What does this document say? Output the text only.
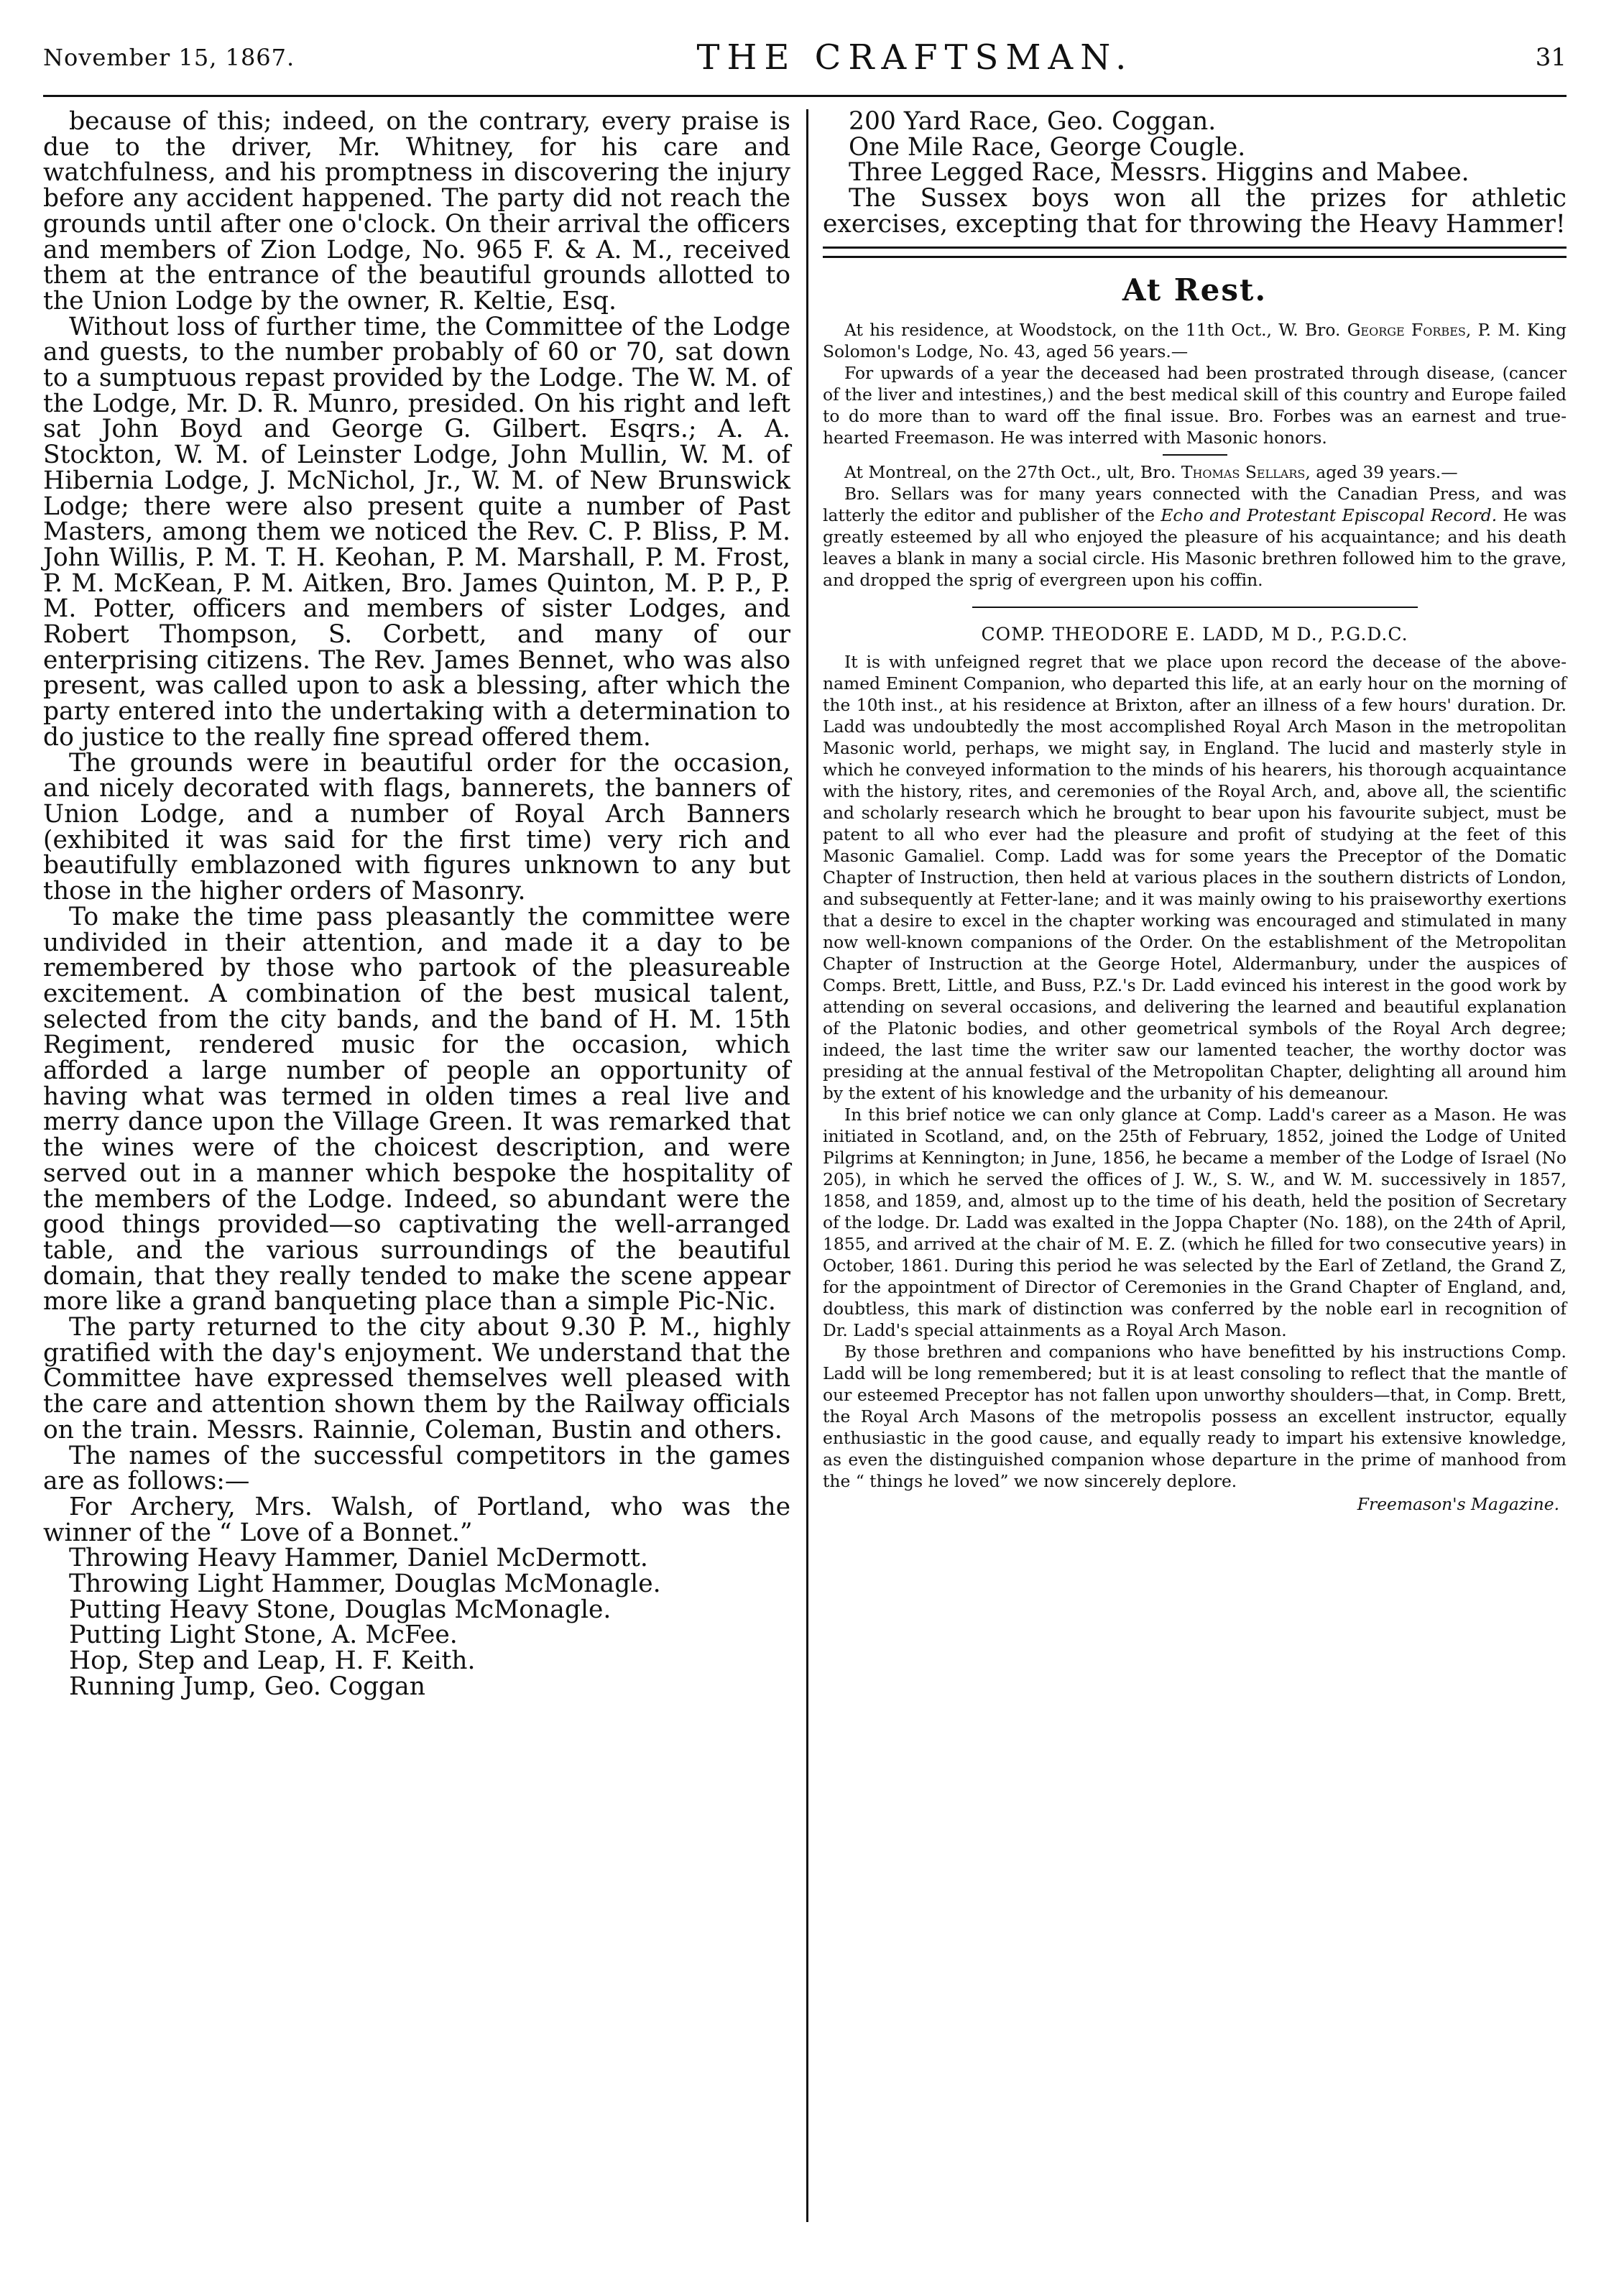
November 15, 1867.	THE CRAFTSMAN.	31

because of this; indeed, on the contrary, every praise is due to the driver, Mr. Whitney, for his care and watchfulness, and his promptness in discovering the injury before any accident happened. The party did not reach the grounds until after one o'clock. On their arrival the officers and members of Zion Lodge, No. 965 F. & A. M., received them at the entrance of the beautiful grounds allotted to the Union Lodge by the owner, R. Keltie, Esq.

Without loss of further time, the Committee of the Lodge and guests, to the number probably of 60 or 70, sat down to a sumptuous repast provided by the Lodge. The W. M. of the Lodge, Mr. D. R. Munro, presided. On his right and left sat John Boyd and George G. Gilbert. Esqrs.; A. A. Stockton, W. M. of Leinster Lodge, John Mullin, W. M. of Hibernia Lodge, J. McNichol, Jr., W. M. of New Brunswick Lodge; there were also present quite a number of Past Masters, among them we noticed the Rev. C. P. Bliss, P. M. John Willis, P. M. T. H. Keohan, P. M. Marshall, P. M. Frost, P. M. McKean, P. M. Aitken, Bro. James Quinton, M. P. P., P. M. Potter, officers and members of sister Lodges, and Robert Thompson, S. Corbett, and many of our enterprising citizens. The Rev. James Bennet, who was also present, was called upon to ask a blessing, after which the party entered into the undertaking with a determination to do justice to the really fine spread offered them.

The grounds were in beautiful order for the occasion, and nicely decorated with flags, bannerets, the banners of Union Lodge, and a number of Royal Arch Banners (exhibited it was said for the first time) very rich and beautifully emblazoned with figures unknown to any but those in the higher orders of Masonry.

To make the time pass pleasantly the committee were undivided in their attention, and made it a day to be remembered by those who partook of the pleasureable excitement. A combination of the best musical talent, selected from the city bands, and the band of H. M. 15th Regiment, rendered music for the occasion, which afforded a large number of people an opportunity of having what was termed in olden times a real live and merry dance upon the Village Green. It was remarked that the wines were of the choicest description, and were served out in a manner which bespoke the hospitality of the members of the Lodge. Indeed, so abundant were the good things provided—so captivating the well-arranged table, and the various surroundings of the beautiful domain, that they really tended to make the scene appear more like a grand banqueting place than a simple Pic-Nic.

The party returned to the city about 9.30 P. M., highly gratified with the day's enjoyment. We understand that the Committee have expressed themselves well pleased with the care and attention shown them by the Railway officials on the train. Messrs. Rainnie, Coleman, Bustin and others.

The names of the successful competitors in the games are as follows:—

For Archery, Mrs. Walsh, of Portland, who was the winner of the “ Love of a Bonnet.”

Throwing Heavy Hammer, Daniel McDermott.

Throwing Light Hammer, Douglas McMonagle.

Putting Heavy Stone, Douglas McMonagle.

Putting Light Stone, A. McFee.

Hop, Step and Leap, H. F. Keith.

Running Jump, Geo. Coggan

200 Yard Race, Geo. Coggan.

One Mile Race, George Cougle.

Three Legged Race, Messrs. Higgins and Mabee.

The Sussex boys won all the prizes for athletic exercises, excepting that for throwing the Heavy Hammer!

At Rest.

At his residence, at Woodstock, on the 11th Oct., W. Bro. George Forbes, P. M. King Solomon's Lodge, No. 43, aged 56 years.—

For upwards of a year the deceased had been prostrated through disease, (cancer of the liver and intestines,) and the best medical skill of this country and Europe failed to do more than to ward off the final issue. Bro. Forbes was an earnest and true-hearted Freemason. He was interred with Masonic honors.

At Montreal, on the 27th Oct., ult, Bro. Thomas Sellars, aged 39 years.—

Bro. Sellars was for many years connected with the Canadian Press, and was latterly the editor and publisher of the Echo and Protestant Episcopal Record. He was greatly esteemed by all who enjoyed the pleasure of his acquaintance; and his death leaves a blank in many a social circle. His Masonic brethren followed him to the grave, and dropped the sprig of evergreen upon his coffin.

COMP. THEODORE E. LADD, M D., P.G.D.C.

It is with unfeigned regret that we place upon record the decease of the above-named Eminent Companion, who departed this life, at an early hour on the morning of the 10th inst., at his residence at Brixton, after an illness of a few hours' duration. Dr. Ladd was undoubtedly the most accomplished Royal Arch Mason in the metropolitan Masonic world, perhaps, we might say, in England. The lucid and masterly style in which he conveyed information to the minds of his hearers, his thorough acquaintance with the history, rites, and ceremonies of the Royal Arch, and, above all, the scientific and scholarly research which he brought to bear upon his favourite subject, must be patent to all who ever had the pleasure and profit of studying at the feet of this Masonic Gamaliel. Comp. Ladd was for some years the Preceptor of the Domatic Chapter of Instruction, then held at various places in the southern districts of London, and subsequently at Fetter-lane; and it was mainly owing to his praiseworthy exertions that a desire to excel in the chapter working was encouraged and stimulated in many now well-known companions of the Order. On the establishment of the Metropolitan Chapter of Instruction at the George Hotel, Aldermanbury, under the auspices of Comps. Brett, Little, and Buss, P.Z.'s Dr. Ladd evinced his interest in the good work by attending on several occasions, and delivering the learned and beautiful explanation of the Platonic bodies, and other geometrical symbols of the Royal Arch degree; indeed, the last time the writer saw our lamented teacher, the worthy doctor was presiding at the annual festival of the Metropolitan Chapter, delighting all around him by the extent of his knowledge and the urbanity of his demeanour.

In this brief notice we can only glance at Comp. Ladd's career as a Mason. He was initiated in Scotland, and, on the 25th of February, 1852, joined the Lodge of United Pilgrims at Kennington; in June, 1856, he became a member of the Lodge of Israel (No 205), in which he served the offices of J. W., S. W., and W. M. successively in 1857, 1858, and 1859, and, almost up to the time of his death, held the position of Secretary of the lodge. Dr. Ladd was exalted in the Joppa Chapter (No. 188), on the 24th of April, 1855, and arrived at the chair of M. E. Z. (which he filled for two consecutive years) in October, 1861. During this period he was selected by the Earl of Zetland, the Grand Z, for the appointment of Director of Ceremonies in the Grand Chapter of England, and, doubtless, this mark of distinction was conferred by the noble earl in recognition of Dr. Ladd's special attainments as a Royal Arch Mason.

By those brethren and companions who have benefitted by his instructions Comp. Ladd will be long remembered; but it is at least consoling to reflect that the mantle of our esteemed Preceptor has not fallen upon unworthy shoulders—that, in Comp. Brett, the Royal Arch Masons of the metropolis possess an excellent instructor, equally enthusiastic in the good cause, and equally ready to impart his extensive knowledge, as even the distinguished companion whose departure in the prime of manhood from the “ things he loved” we now sincerely deplore.

Freemason's Magazine.
